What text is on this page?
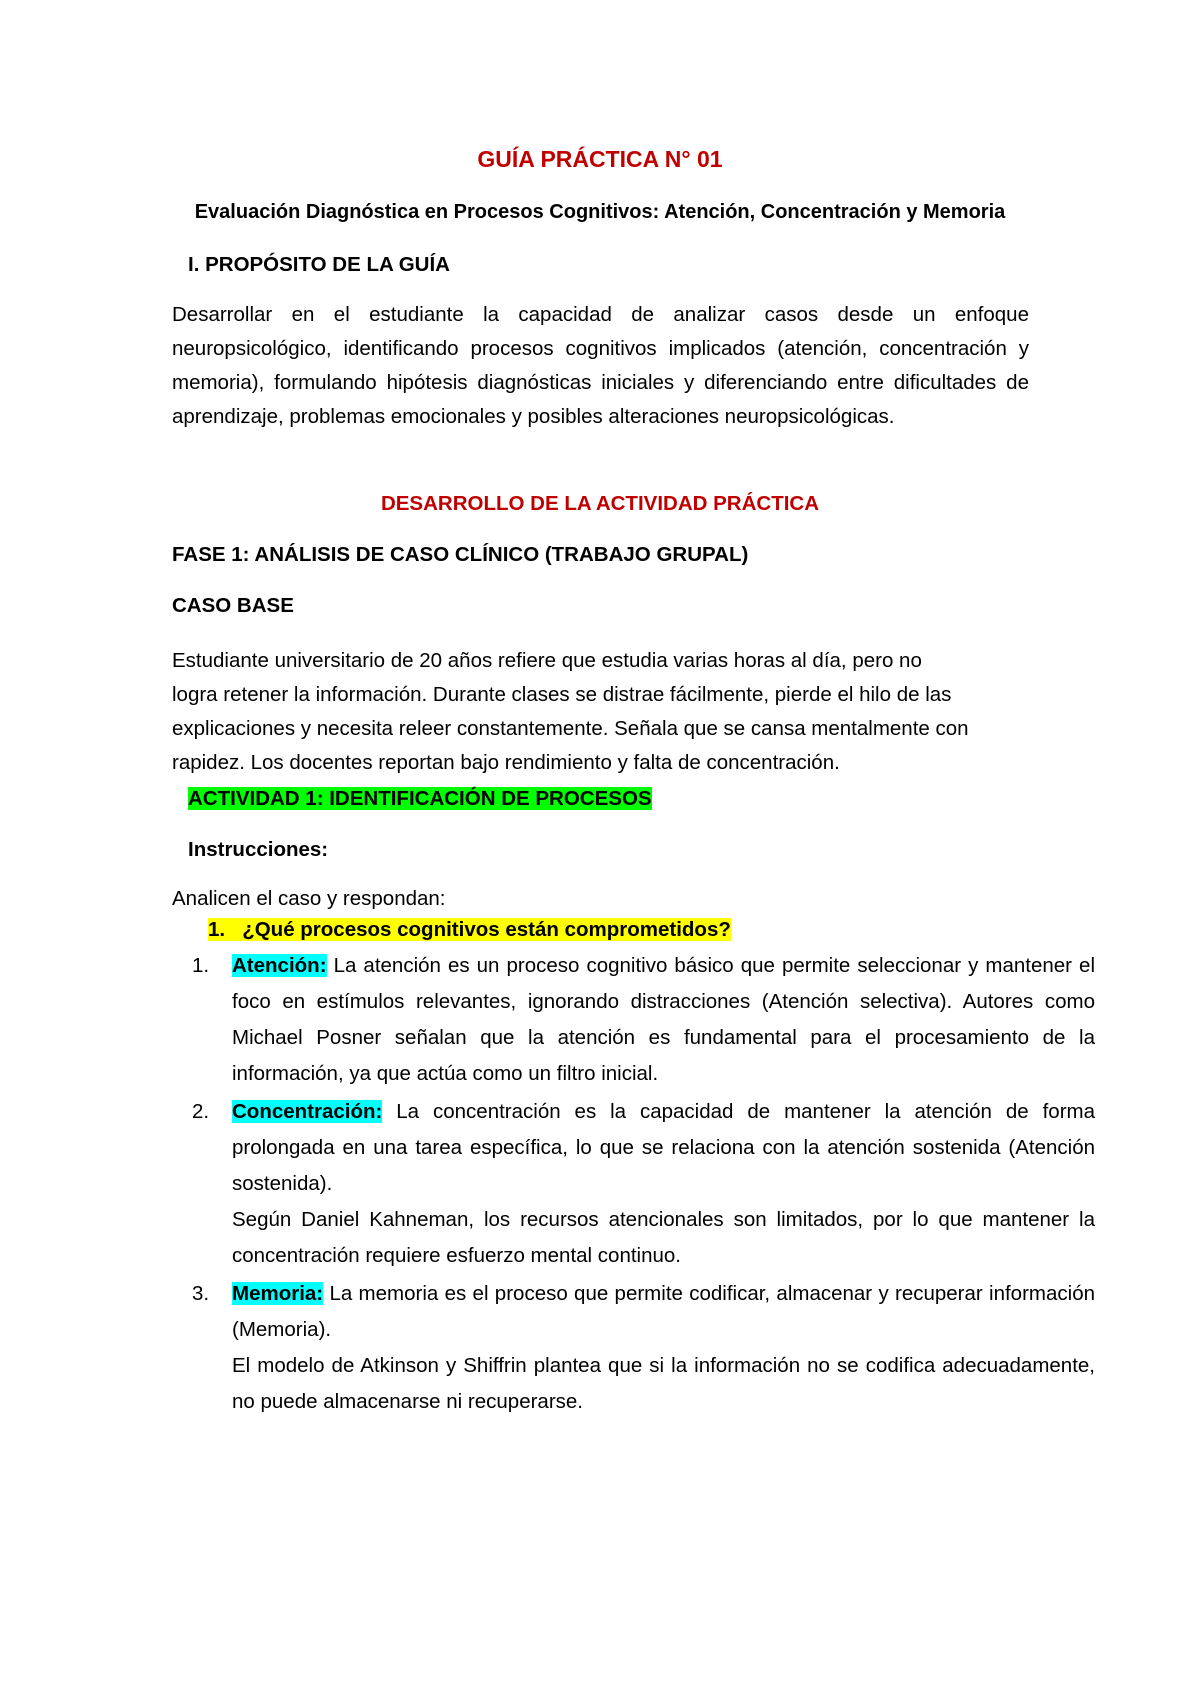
GUÍA PRÁCTICA N° 01
Evaluación Diagnóstica en Procesos Cognitivos: Atención, Concentración y Memoria
I. PROPÓSITO DE LA GUÍA
Desarrollar en el estudiante la capacidad de analizar casos desde un enfoque neuropsicológico, identificando procesos cognitivos implicados (atención, concentración y memoria), formulando hipótesis diagnósticas iniciales y diferenciando entre dificultades de aprendizaje, problemas emocionales y posibles alteraciones neuropsicológicas.
DESARROLLO DE LA ACTIVIDAD PRÁCTICA
FASE 1: ANÁLISIS DE CASO CLÍNICO (TRABAJO GRUPAL)
CASO BASE
Estudiante universitario de 20 años refiere que estudia varias horas al día, pero no
logra retener la información. Durante clases se distrae fácilmente, pierde el hilo de las
explicaciones y necesita releer constantemente. Señala que se cansa mentalmente con
rapidez. Los docentes reportan bajo rendimiento y falta de concentración.
ACTIVIDAD 1: IDENTIFICACIÓN DE PROCESOS
Instrucciones:
Analicen el caso y respondan:
1. ¿Qué procesos cognitivos están comprometidos?
1.	Atención: La atención es un proceso cognitivo básico que permite seleccionar y mantener el foco en estímulos relevantes, ignorando distracciones (Atención selectiva). Autores como Michael Posner señalan que la atención es fundamental para el procesamiento de la información, ya que actúa como un filtro inicial.

2.	Concentración: La concentración es la capacidad de mantener la atención de forma prolongada en una tarea específica, lo que se relaciona con la atención sostenida (Atención sostenida).

Según Daniel Kahneman, los recursos atencionales son limitados, por lo que mantener la concentración requiere esfuerzo mental continuo.

3.	Memoria: La memoria es el proceso que permite codificar, almacenar y recuperar información (Memoria).

El modelo de Atkinson y Shiffrin plantea que si la información no se codifica adecuadamente, no puede almacenarse ni recuperarse.
